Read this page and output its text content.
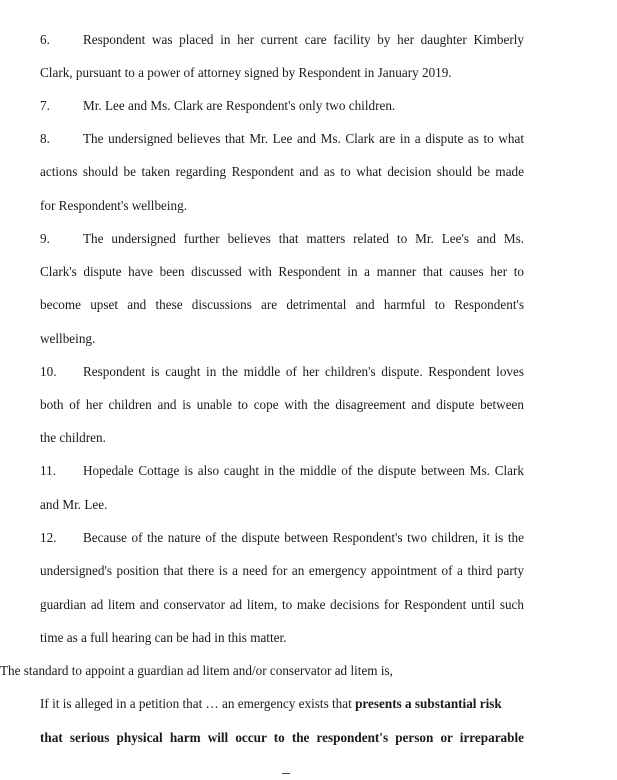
6.	Respondent was placed in her current care facility by her daughter Kimberly
Clark, pursuant to a power of attorney signed by Respondent in January 2019.
7.	Mr. Lee and Ms. Clark are Respondent's only two children.
8.	The undersigned believes that Mr. Lee and Ms. Clark are in a dispute as to what
actions should be taken regarding Respondent and as to what decision should be made
for Respondent's wellbeing.
9.	The undersigned further believes that matters related to Mr. Lee's and Ms.
Clark's dispute have been discussed with Respondent in a manner that causes her to
become upset and these discussions are detrimental and harmful to Respondent's
wellbeing.
10. Respondent is caught in the middle of her children's dispute. Respondent loves
both of her children and is unable to cope with the disagreement and dispute between
the children.
11. Hopedale Cottage is also caught in the middle of the dispute between Ms. Clark
and Mr. Lee.
12. Because of the nature of the dispute between Respondent's two children, it is the
undersigned's position that there is a need for an emergency appointment of a third party
guardian ad litem and conservator ad litem, to make decisions for Respondent until such
time as a full hearing can be had in this matter.
The standard to appoint a guardian ad litem and/or conservator ad litem is,
If it is alleged in a petition that … an emergency exists that presents a substantial risk
that serious physical harm will occur to the respondent's person or irreparable
